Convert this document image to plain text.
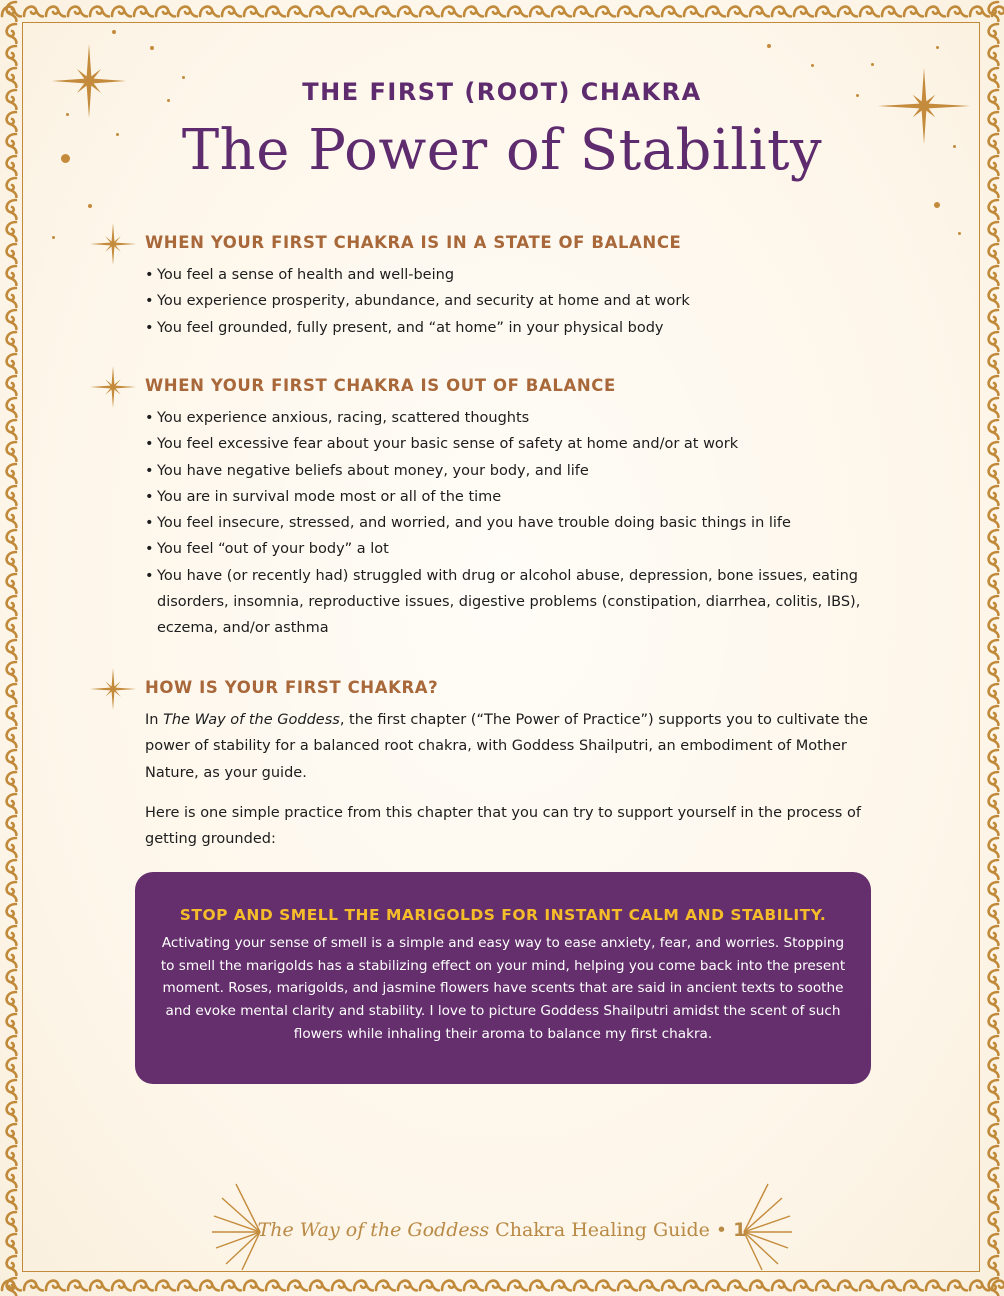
THE FIRST (ROOT) CHAKRA
The Power of Stability
WHEN YOUR FIRST CHAKRA IS IN A STATE OF BALANCE
• You feel a sense of health and well-being
• You experience prosperity, abundance, and security at home and at work
• You feel grounded, fully present, and “at home” in your physical body
WHEN YOUR FIRST CHAKRA IS OUT OF BALANCE
• You experience anxious, racing, scattered thoughts
• You feel excessive fear about your basic sense of safety at home and/or at work
• You have negative beliefs about money, your body, and life
• You are in survival mode most or all of the time
• You feel insecure, stressed, and worried, and you have trouble doing basic things in life
• You feel “out of your body” a lot
• You have (or recently had) struggled with drug or alcohol abuse, depression, bone issues, eating disorders, insomnia, reproductive issues, digestive problems (constipation, diarrhea, colitis, IBS), eczema, and/or asthma
HOW IS YOUR FIRST CHAKRA?

In The Way of the Goddess, the first chapter (“The Power of Practice”) supports you to cultivate the power of stability for a balanced root chakra, with Goddess Shailputri, an embodiment of Mother Nature, as your guide.

Here is one simple practice from this chapter that you can try to support yourself in the process of getting grounded:

STOP AND SMELL THE MARIGOLDS FOR INSTANT CALM AND STABILITY.
Activating your sense of smell is a simple and easy way to ease anxiety, fear, and worries. Stopping to smell the marigolds has a stabilizing effect on your mind, helping you come back into the present moment. Roses, marigolds, and jasmine flowers have scents that are said in ancient texts to soothe and evoke mental clarity and stability. I love to picture Goddess Shailputri amidst the scent of such flowers while inhaling their aroma to balance my first chakra.
The Way of the Goddess Chakra Healing Guide • 1
